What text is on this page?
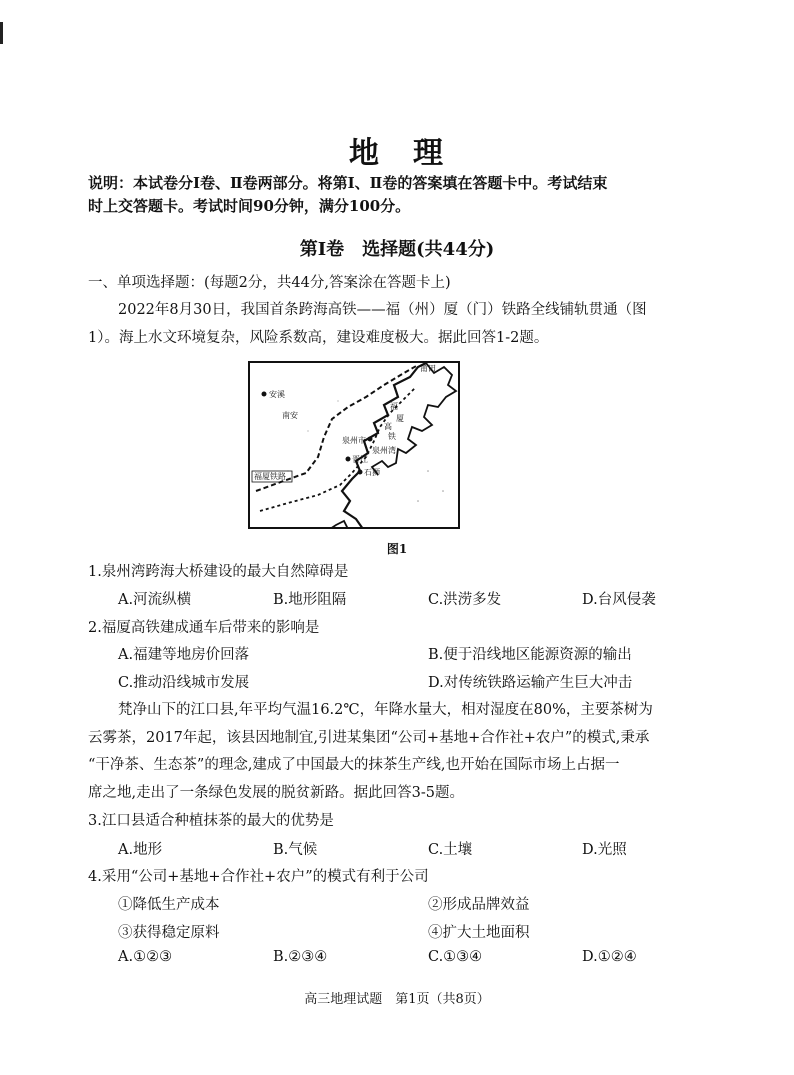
地　理
说明：本试卷分Ⅰ卷、Ⅱ卷两部分。将第Ⅰ、Ⅱ卷的答案填在答题卡中。考试结束
时上交答题卡。考试时间90分钟，满分100分。
第Ⅰ卷　选择题(共44分)
一、单项选择题：(每题2分，共44分,答案涂在答题卡上)
2022年8月30日，我国首条跨海高铁——福（州）厦（门）铁路全线铺轨贯通（图
1）。海上水文环境复杂，风险系数高，建设难度极大。据此回答1-2题。
安溪
南安
莆田
福
厦
高
铁
泉州市
泉州湾
晋江
石狮
福厦铁路
图1
1.泉州湾跨海大桥建设的最大自然障碍是
A.河流纵横	B.地形阻隔	C.洪涝多发	D.台风侵袭
2.福厦高铁建成通车后带来的影响是
A.福建等地房价回落	B.便于沿线地区能源资源的输出
C.推动沿线城市发展	D.对传统铁路运输产生巨大冲击
梵净山下的江口县,年平均气温16.2℃，年降水量大，相对湿度在80%，主要茶树为
云雾茶，2017年起，该县因地制宜,引进某集团“公司+基地+合作社+农户”的模式,秉承
“干净茶、生态茶”的理念,建成了中国最大的抹茶生产线,也开始在国际市场上占据一
席之地,走出了一条绿色发展的脱贫新路。据此回答3-5题。
3.江口县适合种植抹茶的最大的优势是
A.地形	B.气候	C.土壤	D.光照
4.采用“公司+基地+合作社+农户”的模式有利于公司
①降低生产成本	②形成品牌效益
③获得稳定原料	④扩大土地面积
A.①②③	B.②③④	C.①③④	D.①②④
高三地理试题　第1页（共8页）
